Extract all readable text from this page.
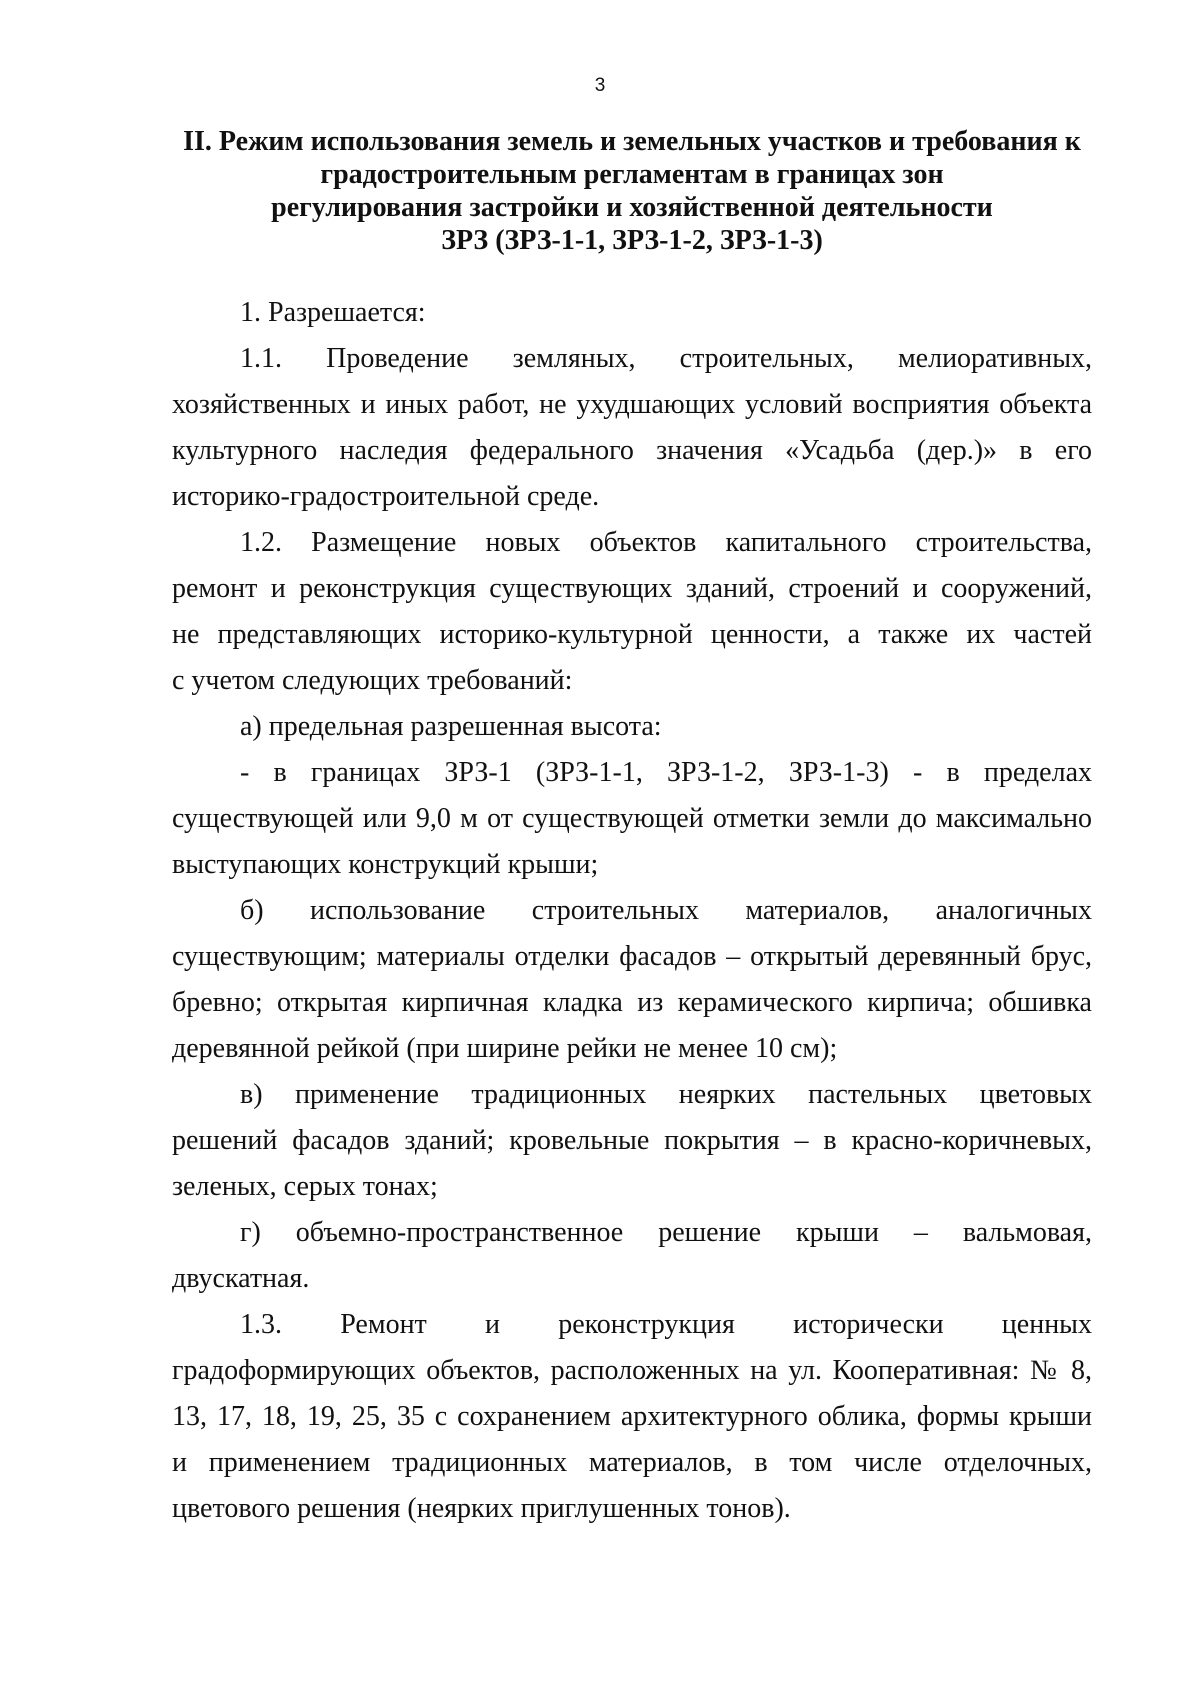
3
II. Режим использования земель и земельных участков и требования к
градостроительным регламентам в границах зон
регулирования застройки и хозяйственной деятельности
ЗРЗ (ЗРЗ-1-1, ЗРЗ-1-2, ЗРЗ-1-3)
1. Разрешается:
1.1. Проведение земляных, строительных, мелиоративных,
хозяйственных и иных работ, не ухудшающих условий восприятия объекта
культурного наследия федерального значения «Усадьба (дер.)» в его
историко-градостроительной среде.
1.2. Размещение новых объектов капитального строительства,
ремонт и реконструкция существующих зданий, строений и сооружений,
не представляющих историко-культурной ценности, а также их частей
с учетом следующих требований:
а) предельная разрешенная высота:
- в границах ЗРЗ-1 (ЗРЗ-1-1, ЗРЗ-1-2, ЗРЗ-1-3) - в пределах
существующей или 9,0 м от существующей отметки земли до максимально
выступающих конструкций крыши;
б) использование строительных материалов, аналогичных
существующим; материалы отделки фасадов – открытый деревянный брус,
бревно; открытая кирпичная кладка из керамического кирпича; обшивка
деревянной рейкой (при ширине рейки не менее 10 см);
в) применение традиционных неярких пастельных цветовых
решений фасадов зданий; кровельные покрытия – в красно-коричневых,
зеленых, серых тонах;
г) объемно-пространственное решение крыши – вальмовая,
двускатная.
1.3. Ремонт и реконструкция исторически ценных
градоформирующих объектов, расположенных на ул. Кооперативная: № 8,
13, 17, 18, 19, 25, 35 с сохранением архитектурного облика, формы крыши
и применением традиционных материалов, в том числе отделочных,
цветового решения (неярких приглушенных тонов).
